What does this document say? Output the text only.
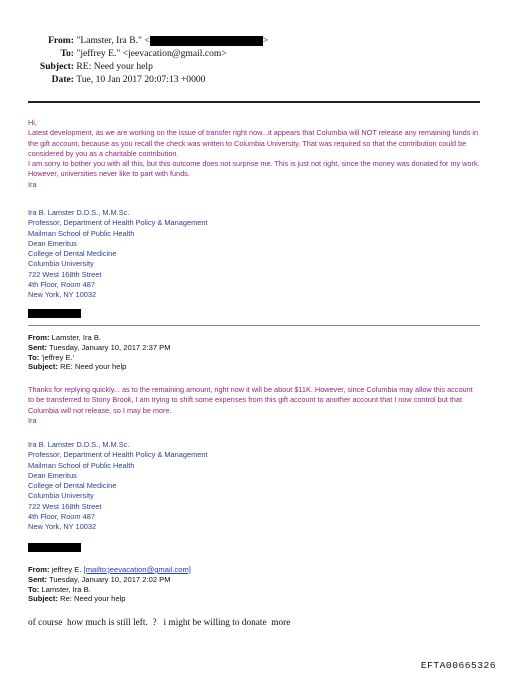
From: "Lamster, Ira B." <	>
To: "jeffrey E." <jeevacation@gmail.com>
Subject: RE: Need your help
Date: Tue, 10 Jan 2017 20:07:13 +0000
Hi,
Latest development, as we are working on the issue of transfer right now...it appears that Columbia will NOT release any remaining funds in the gift account, because as you recall the check was written to Columbia University. That was required so that the contribution could be considered by you as a charitable contribution.
I am sorry to bother you with all this, but this outcome does not surprise me. This is just not right, since the money was donated for my work. However, universities never like to part with funds.
Ira
Ira B. Lamster D.D.S., M.M.Sc.
Professor, Department of Health Policy & Management
Mailman School of Public Health
Dean Emeritus
College of Dental Medicine
Columbia University
722 West 168th Street
4th Floor, Room 487
New York, NY 10032
From: Lamster, Ira B.
Sent: Tuesday, January 10, 2017 2:37 PM
To: 'jeffrey E.'
Subject: RE: Need your help
Thanks for replying quickly... as to the remaining amount, right now it will be about $11K. However, since Columbia may allow this account to be transferred to Stony Brook, I am trying to shift some expenses from this gift account to another account that I now control but that Columbia will not release, so I may be more.
Ira
Ira B. Lamster D.D.S., M.M.Sc.
Professor, Department of Health Policy & Management
Mailman School of Public Health
Dean Emeritus
College of Dental Medicine
Columbia University
722 West 168th Street
4th Floor, Room 487
New York, NY 10032
From: jeffrey E. [mailto:jeevacation@gmail.com]
Sent: Tuesday, January 10, 2017 2:02 PM
To: Lamster, Ira B.
Subject: Re: Need your help
of course  how much is still left.  ?   i might be willing to donate  more
EFTA00665326
